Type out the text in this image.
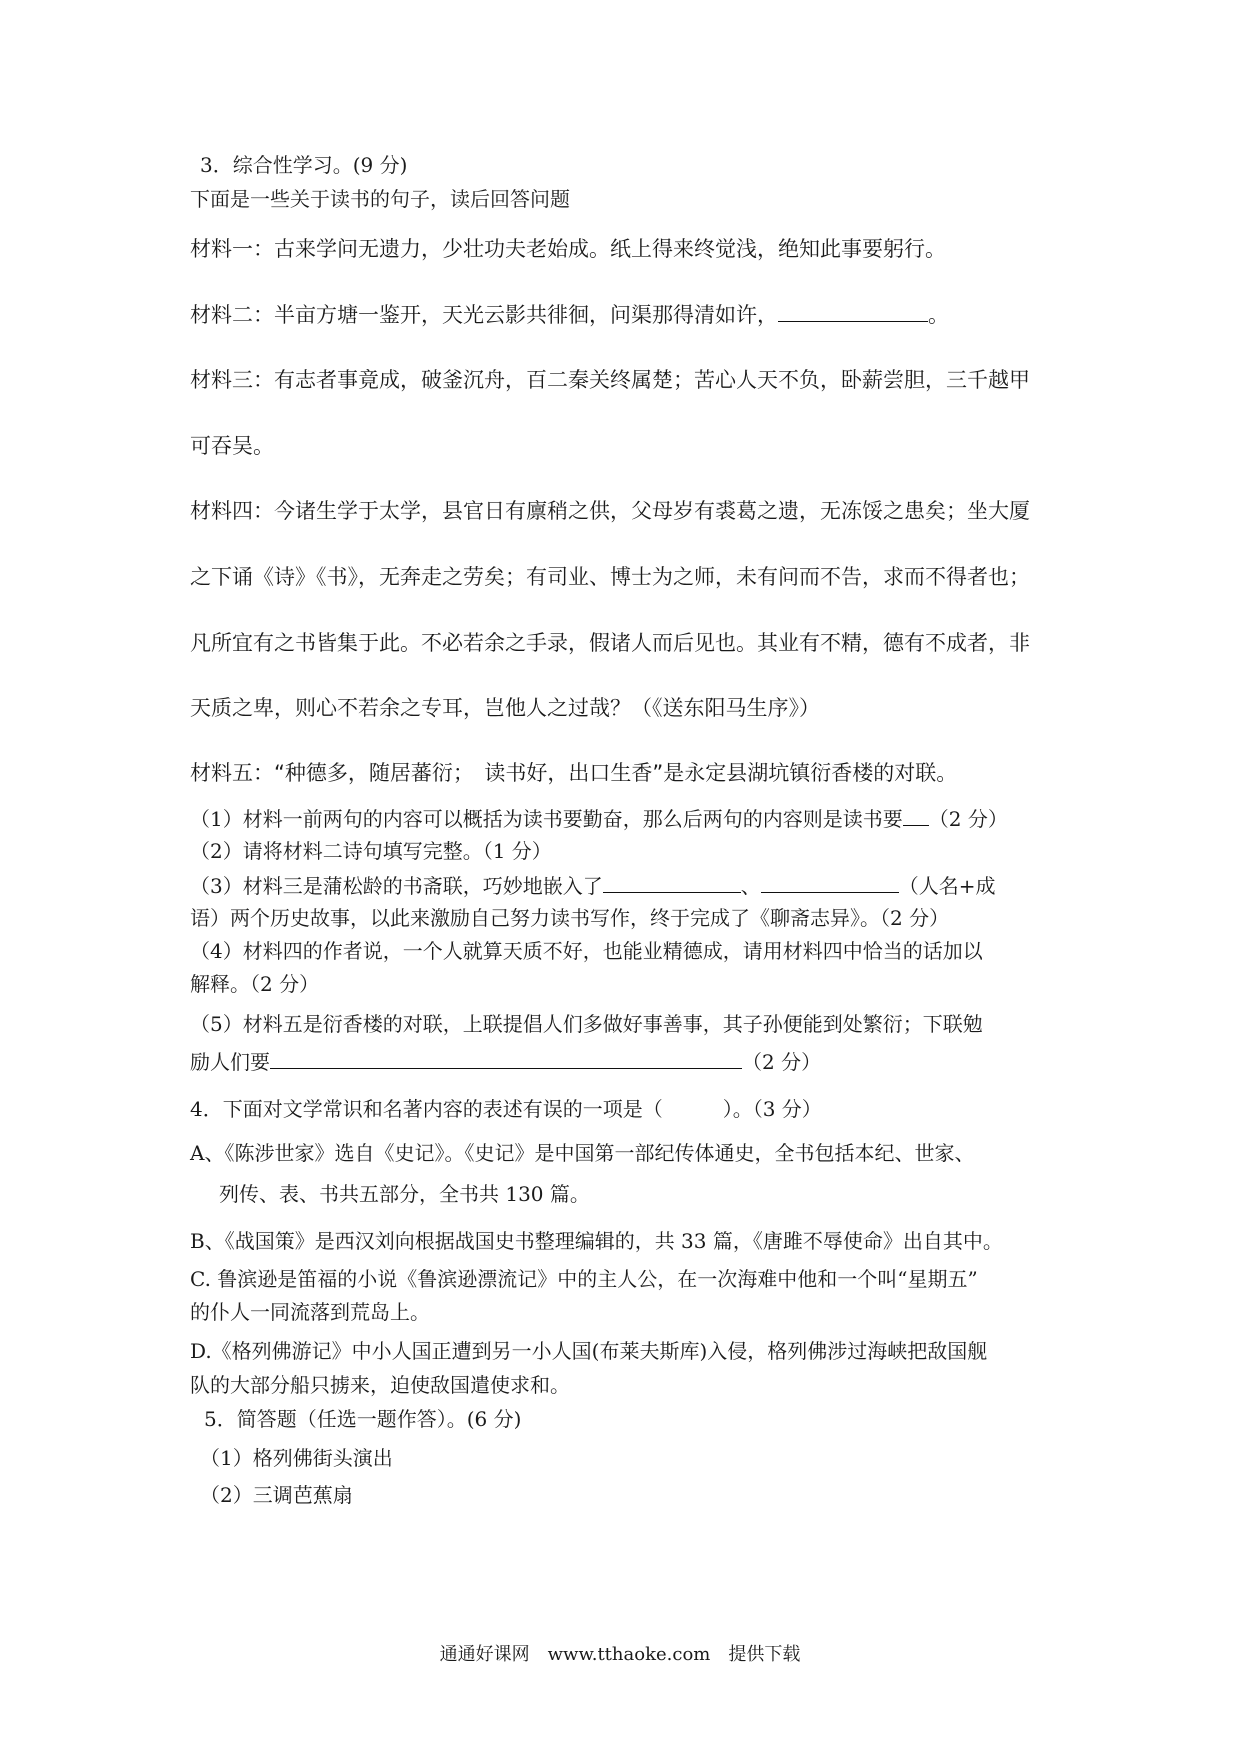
3．综合性学习。(9 分)
下面是一些关于读书的句子，读后回答问题
材料一：古来学问无遗力，少壮功夫老始成。纸上得来终觉浅，绝知此事要躬行。
材料二：半亩方塘一鉴开，天光云影共徘徊，问渠那得清如许，	。
材料三：有志者事竟成，破釜沉舟，百二秦关终属楚；苦心人天不负，卧薪尝胆，三千越甲
可吞吴。
材料四：今诸生学于太学，县官日有廪稍之供，父母岁有裘葛之遗，无冻馁之患矣；坐大厦
之下诵《诗》《书》，无奔走之劳矣；有司业、博士为之师，未有问而不告，求而不得者也；
凡所宜有之书皆集于此。不必若余之手录，假诸人而后见也。其业有不精，德有不成者，非
天质之卑，则心不若余之专耳，岂他人之过哉？（《送东阳马生序》）
材料五：“种德多，随居蕃衍；　读书好，出口生香”是永定县湖坑镇衍香楼的对联。
（1）材料一前两句的内容可以概括为读书要勤奋，那么后两句的内容则是读书要 （2 分）
（2）请将材料二诗句填写完整。（1 分）
（3）材料三是蒲松龄的书斋联，巧妙地嵌入了	、	（人名+成
语）两个历史故事，以此来激励自己努力读书写作，终于完成了《聊斋志异》。（2 分）
（4）材料四的作者说，一个人就算天质不好，也能业精德成，请用材料四中恰当的话加以
解释。（2 分）
（5）材料五是衍香楼的对联，上联提倡人们多做好事善事，其子孙便能到处繁衍；下联勉
励人们要	（2 分）
4．下面对文学常识和名著内容的表述有误的一项是（　　　）。（3 分）
A、《陈涉世家》选自《史记》。《史记》是中国第一部纪传体通史，全书包括本纪、世家、
列传、表、书共五部分，全书共 130 篇。
B、《战国策》是西汉刘向根据战国史书整理编辑的，共 33 篇，《唐雎不辱使命》出自其中。
C. 鲁滨逊是笛福的小说《鲁滨逊漂流记》中的主人公，在一次海难中他和一个叫“星期五”
的仆人一同流落到荒岛上。
D.《格列佛游记》中小人国正遭到另一小人国(布莱夫斯库)入侵，格列佛涉过海峡把敌国舰
队的大部分船只掳来，迫使敌国遣使求和。
5．简答题（任选一题作答）。(6 分)
（1）格列佛街头演出
（2）三调芭蕉扇
通通好课网　www.tthaoke.com　提供下载
